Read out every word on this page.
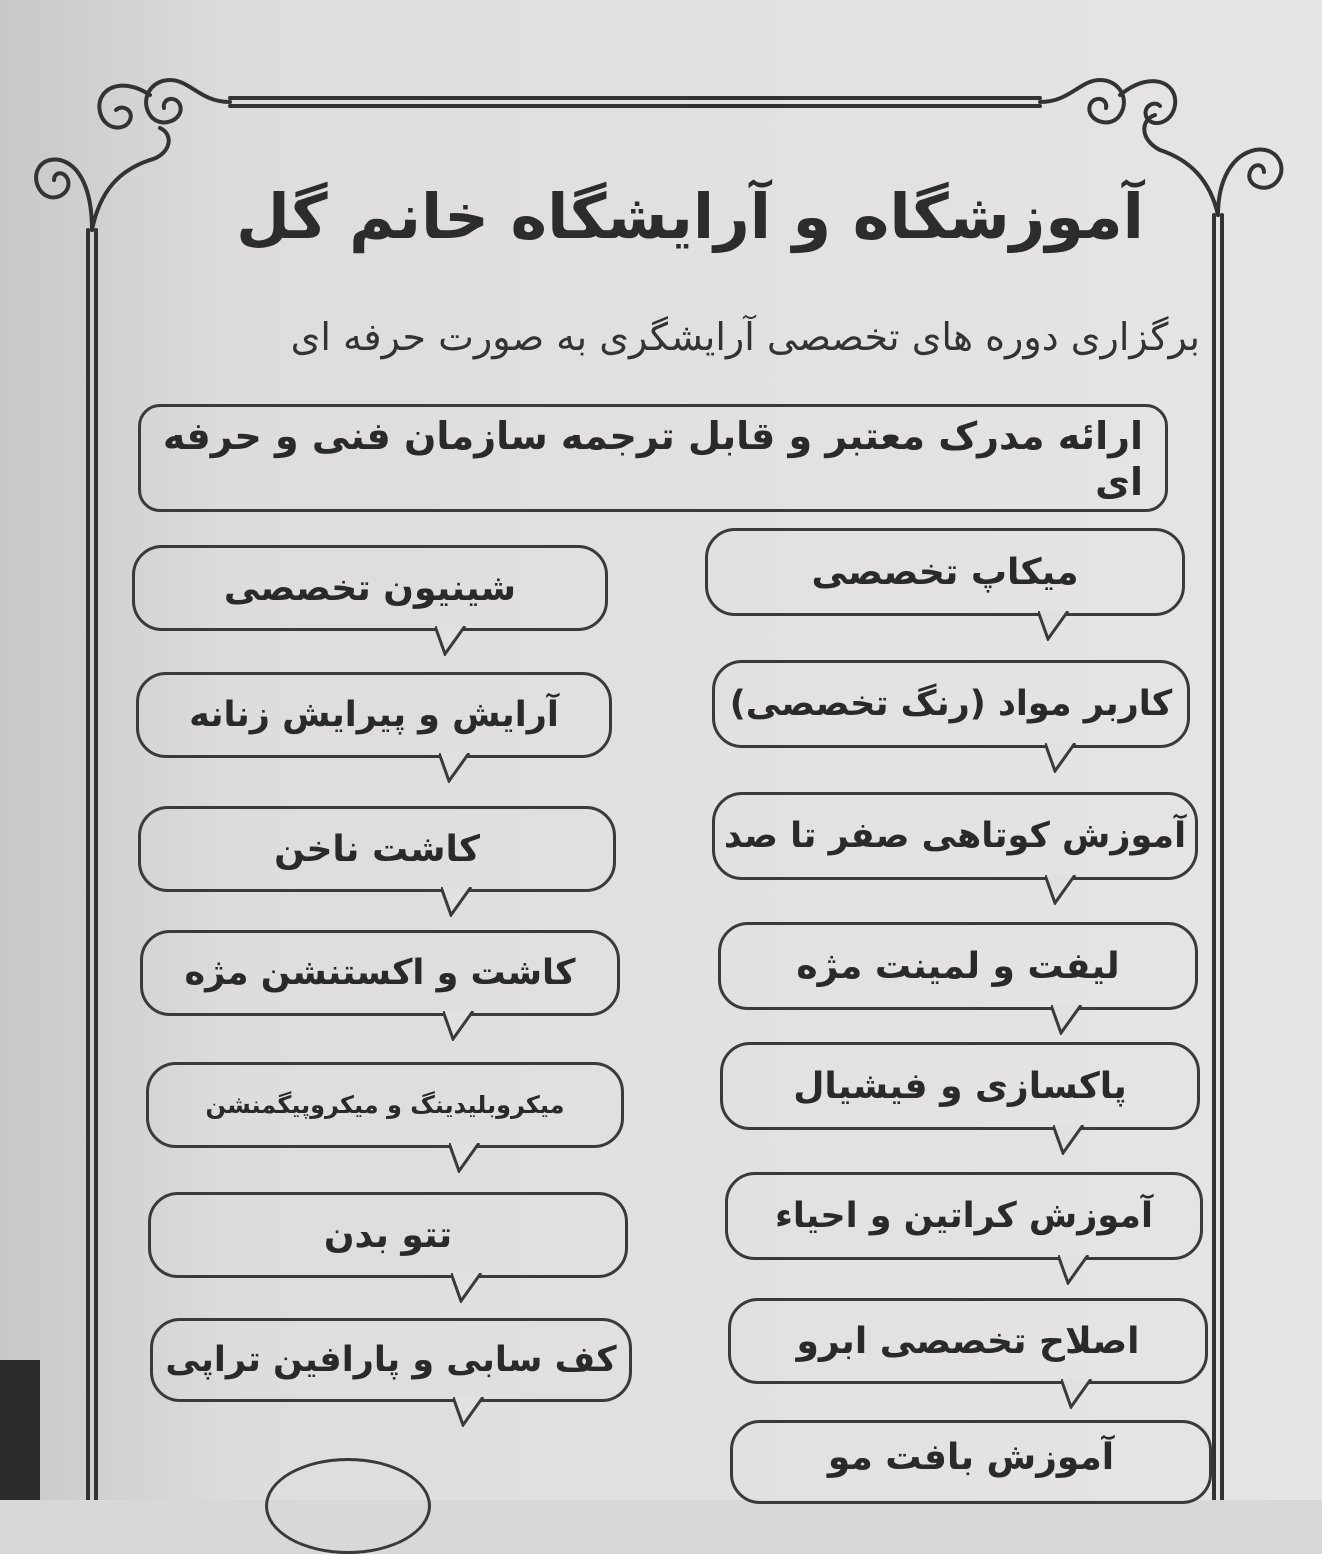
آموزشگاه و آرایشگاه خانم گل
برگزاری دوره های تخصصی آرایشگری به صورت حرفه ای
ارائه مدرک معتبر و قابل ترجمه سازمان فنی و حرفه ای
میکاپ تخصصی
کاربر مواد (رنگ تخصصی)
آموزش کوتاهی صفر تا صد
لیفت و لمینت مژه
پاکسازی و فیشیال
آموزش کراتین و احیاء
اصلاح تخصصی ابرو
آموزش بافت مو
شینیون تخصصی
آرایش و پیرایش زنانه
کاشت ناخن
کاشت و اکستنشن مژه
میکروبلیدینگ و میکروپیگمنشن
تتو بدن
کف سابی و پارافین تراپی
